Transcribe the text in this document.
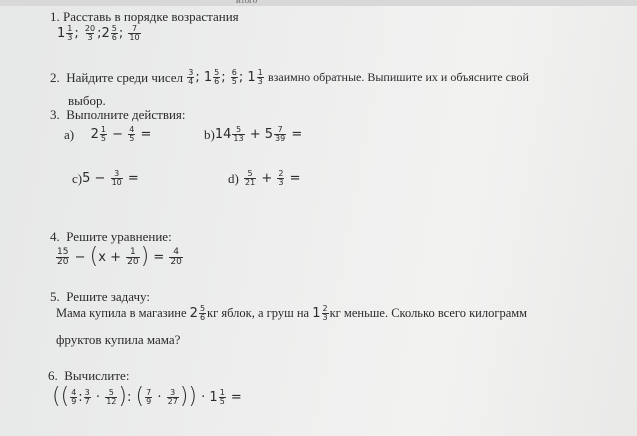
итого
1. Расставь в порядке возрастания
1 1
3 ;
20
3 ; 2 5
6 ;
7
10
2.
Найдите среди чисел
3
4 ; 1 5
6 ; 6
5 ; 1 1
3
взаимно обратные. Выпишите их и объясните свой
выбор.
3. Выполните действия:
a)
2 1
5
−
$\frac{4}{5}$
=	b) 14 5
13
+
$5 \frac{7}{39}$
=
c) 5
−
$\frac{3}{10}$
=	d)
5
21
+
$\frac{2}{3}$
=
4. Решите уравнение:
15
20
−
( x
+
$\frac{1}{20}$ )
=
$\frac{4}{20}$
5. Решите задачу:
Мама купила в магазине
2 5
6 кг яблок, а груш на
1 2
3 кг меньше. Сколько всего килограмм
фруктов купила мама?
6. Вычислите:
( ( 4
9 : 3
7
·
5
12 ) :
( 7
9
·
3
27 ) )
·
$1 \frac{1}{5}$
=
